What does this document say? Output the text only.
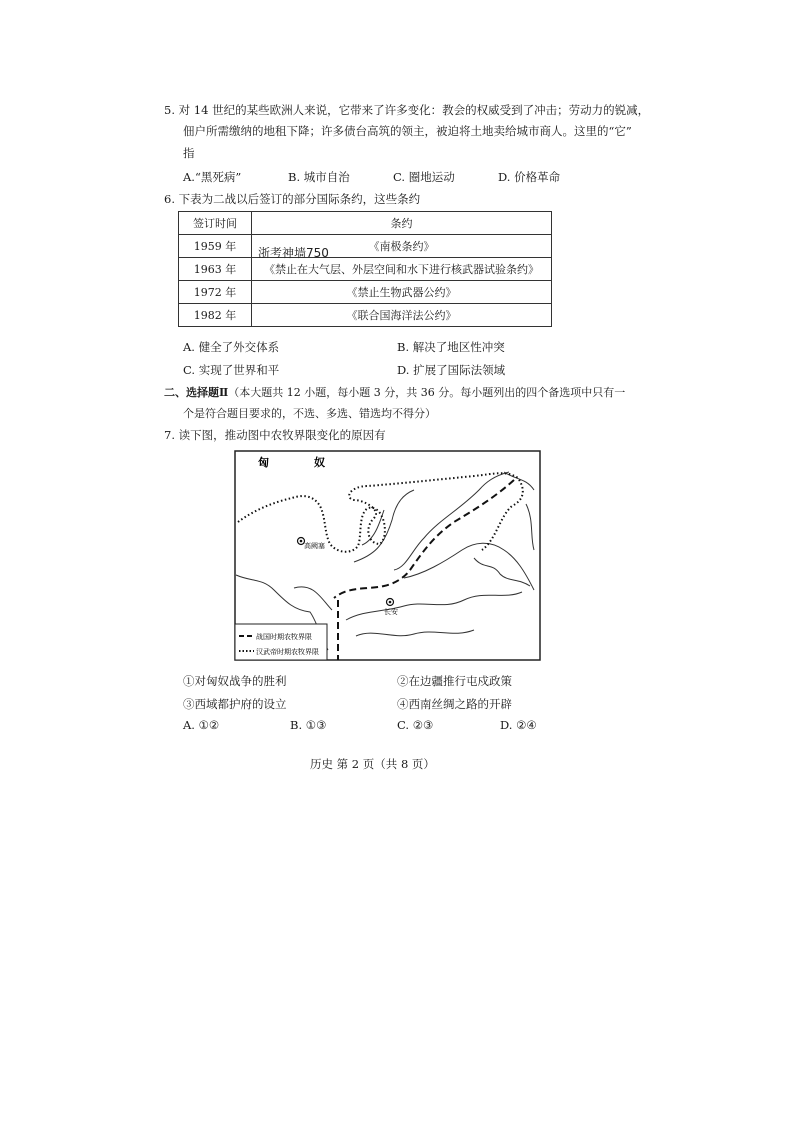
5. 对 14 世纪的某些欧洲人来说，它带来了许多变化：教会的权威受到了冲击；劳动力的锐减，
佃户所需缴纳的地租下降；许多债台高筑的领主，被迫将土地卖给城市商人。这里的“它”
指
A.“黑死病”	B. 城市自治	C. 圈地运动	D. 价格革命
6. 下表为二战以后签订的部分国际条约，这些条约
签订时间	条约
1959 年	《南极条约》
1963 年	《禁止在大气层、外层空间和水下进行核武器试验条约》
1972 年	《禁止生物武器公约》
1982 年	《联合国海洋法公约》
浙考神墙750
A. 健全了外交体系	B. 解决了地区性冲突
C. 实现了世界和平	D. 扩展了国际法领域
二、选择题Ⅱ（本大题共 12 小题，每小题 3 分，共 36 分。每小题列出的四个备选项中只有一
个是符合题目要求的，不选、多选、错选均不得分）
7. 读下图，推动图中农牧界限变化的原因有
高阙塞
长安
匈	奴
战国时期农牧界限
汉武帝时期农牧界限
①对匈奴战争的胜利	②在边疆推行屯戍政策
③西域都护府的设立	④西南丝绸之路的开辟
A. ①②	B. ①③	C. ②③	D. ②④
历史 第 2 页（共 8 页）
